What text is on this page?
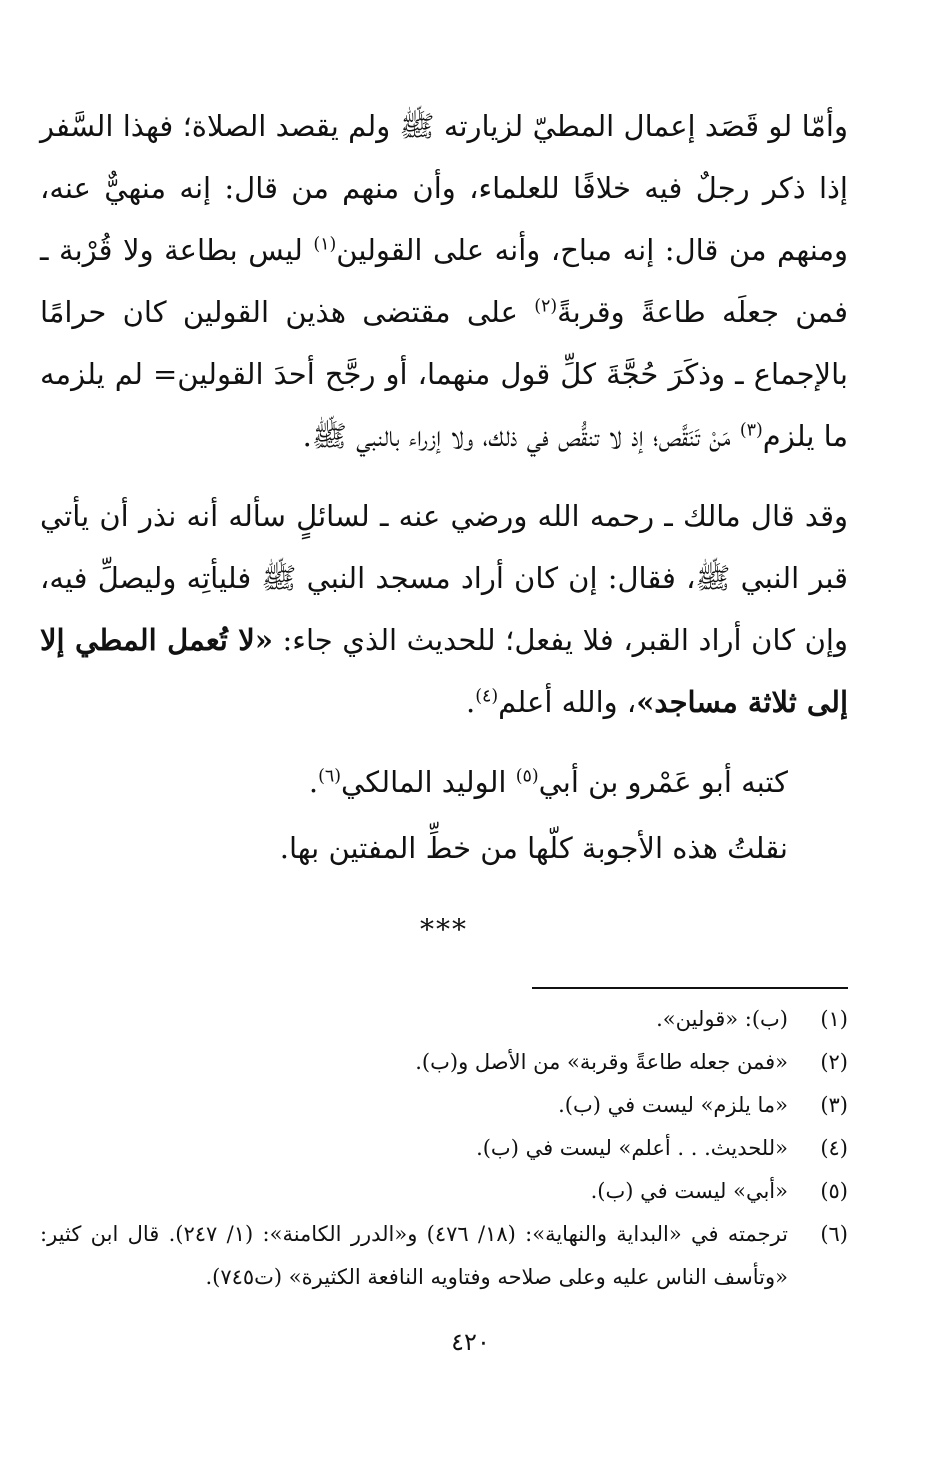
وأمّا لو قَصَد إعمال المطيّ لزيارته ﷺ ولم يقصد الصلاة؛ فهذا السَّفر إذا ذكر رجلٌ فيه خلافًا للعلماء، وأن منهم من قال: إنه منهيٌّ عنه، ومنهم من قال: إنه مباح، وأنه على القولين$^{(١)}$ ليس بطاعة ولا قُرْبة ـ فمن جعلَه طاعةً وقربةً$^{(٢)}$ على مقتضى هذين القولين كان حرامًا بالإجماع ـ وذكَرَ حُجَّةَ كلِّ قول منهما، أو رجَّح أحدَ القولين= لم يلزمه ما يلزم$^{(٣)}$ مَنْ تَنَقَّص؛ إذ لا تنقُّص في ذلك، ولا إزراء بالنبي ﷺ.

وقد قال مالك ـ رحمه الله ورضي عنه ـ لسائلٍ سأله أنه نذر أن يأتي قبر النبي ﷺ، فقال: إن كان أراد مسجد النبي ﷺ فليأتِه وليصلِّ فيه، وإن كان أراد القبر، فلا يفعل؛ للحديث الذي جاء: «لا تُعمل المطي إلا إلى ثلاثة مساجد»، والله أعلم$^{(٤)}$.

كتبه أبو عَمْرو بن أبي$^{(٥)}$ الوليد المالكي$^{(٦)}$.

نقلتُ هذه الأجوبة كلّها من خطِّ المفتين بها.

***

(١)
(ب): «قولين».

(٢)
«فمن جعله طاعةً وقربة» من الأصل و(ب).

(٣)
«ما يلزم» ليست في (ب).

(٤)
«للحديث. . . أعلم» ليست في (ب).

(٥)
«أبي» ليست في (ب).

(٦)
ترجمته في «البداية والنهاية»: (١٨/ ٤٧٦) و«الدرر الكامنة»: (١/ ٢٤٧). قال ابن كثير: «وتأسف الناس عليه وعلى صلاحه وفتاويه النافعة الكثيرة» (ت٧٤٥).

٤٢٠
